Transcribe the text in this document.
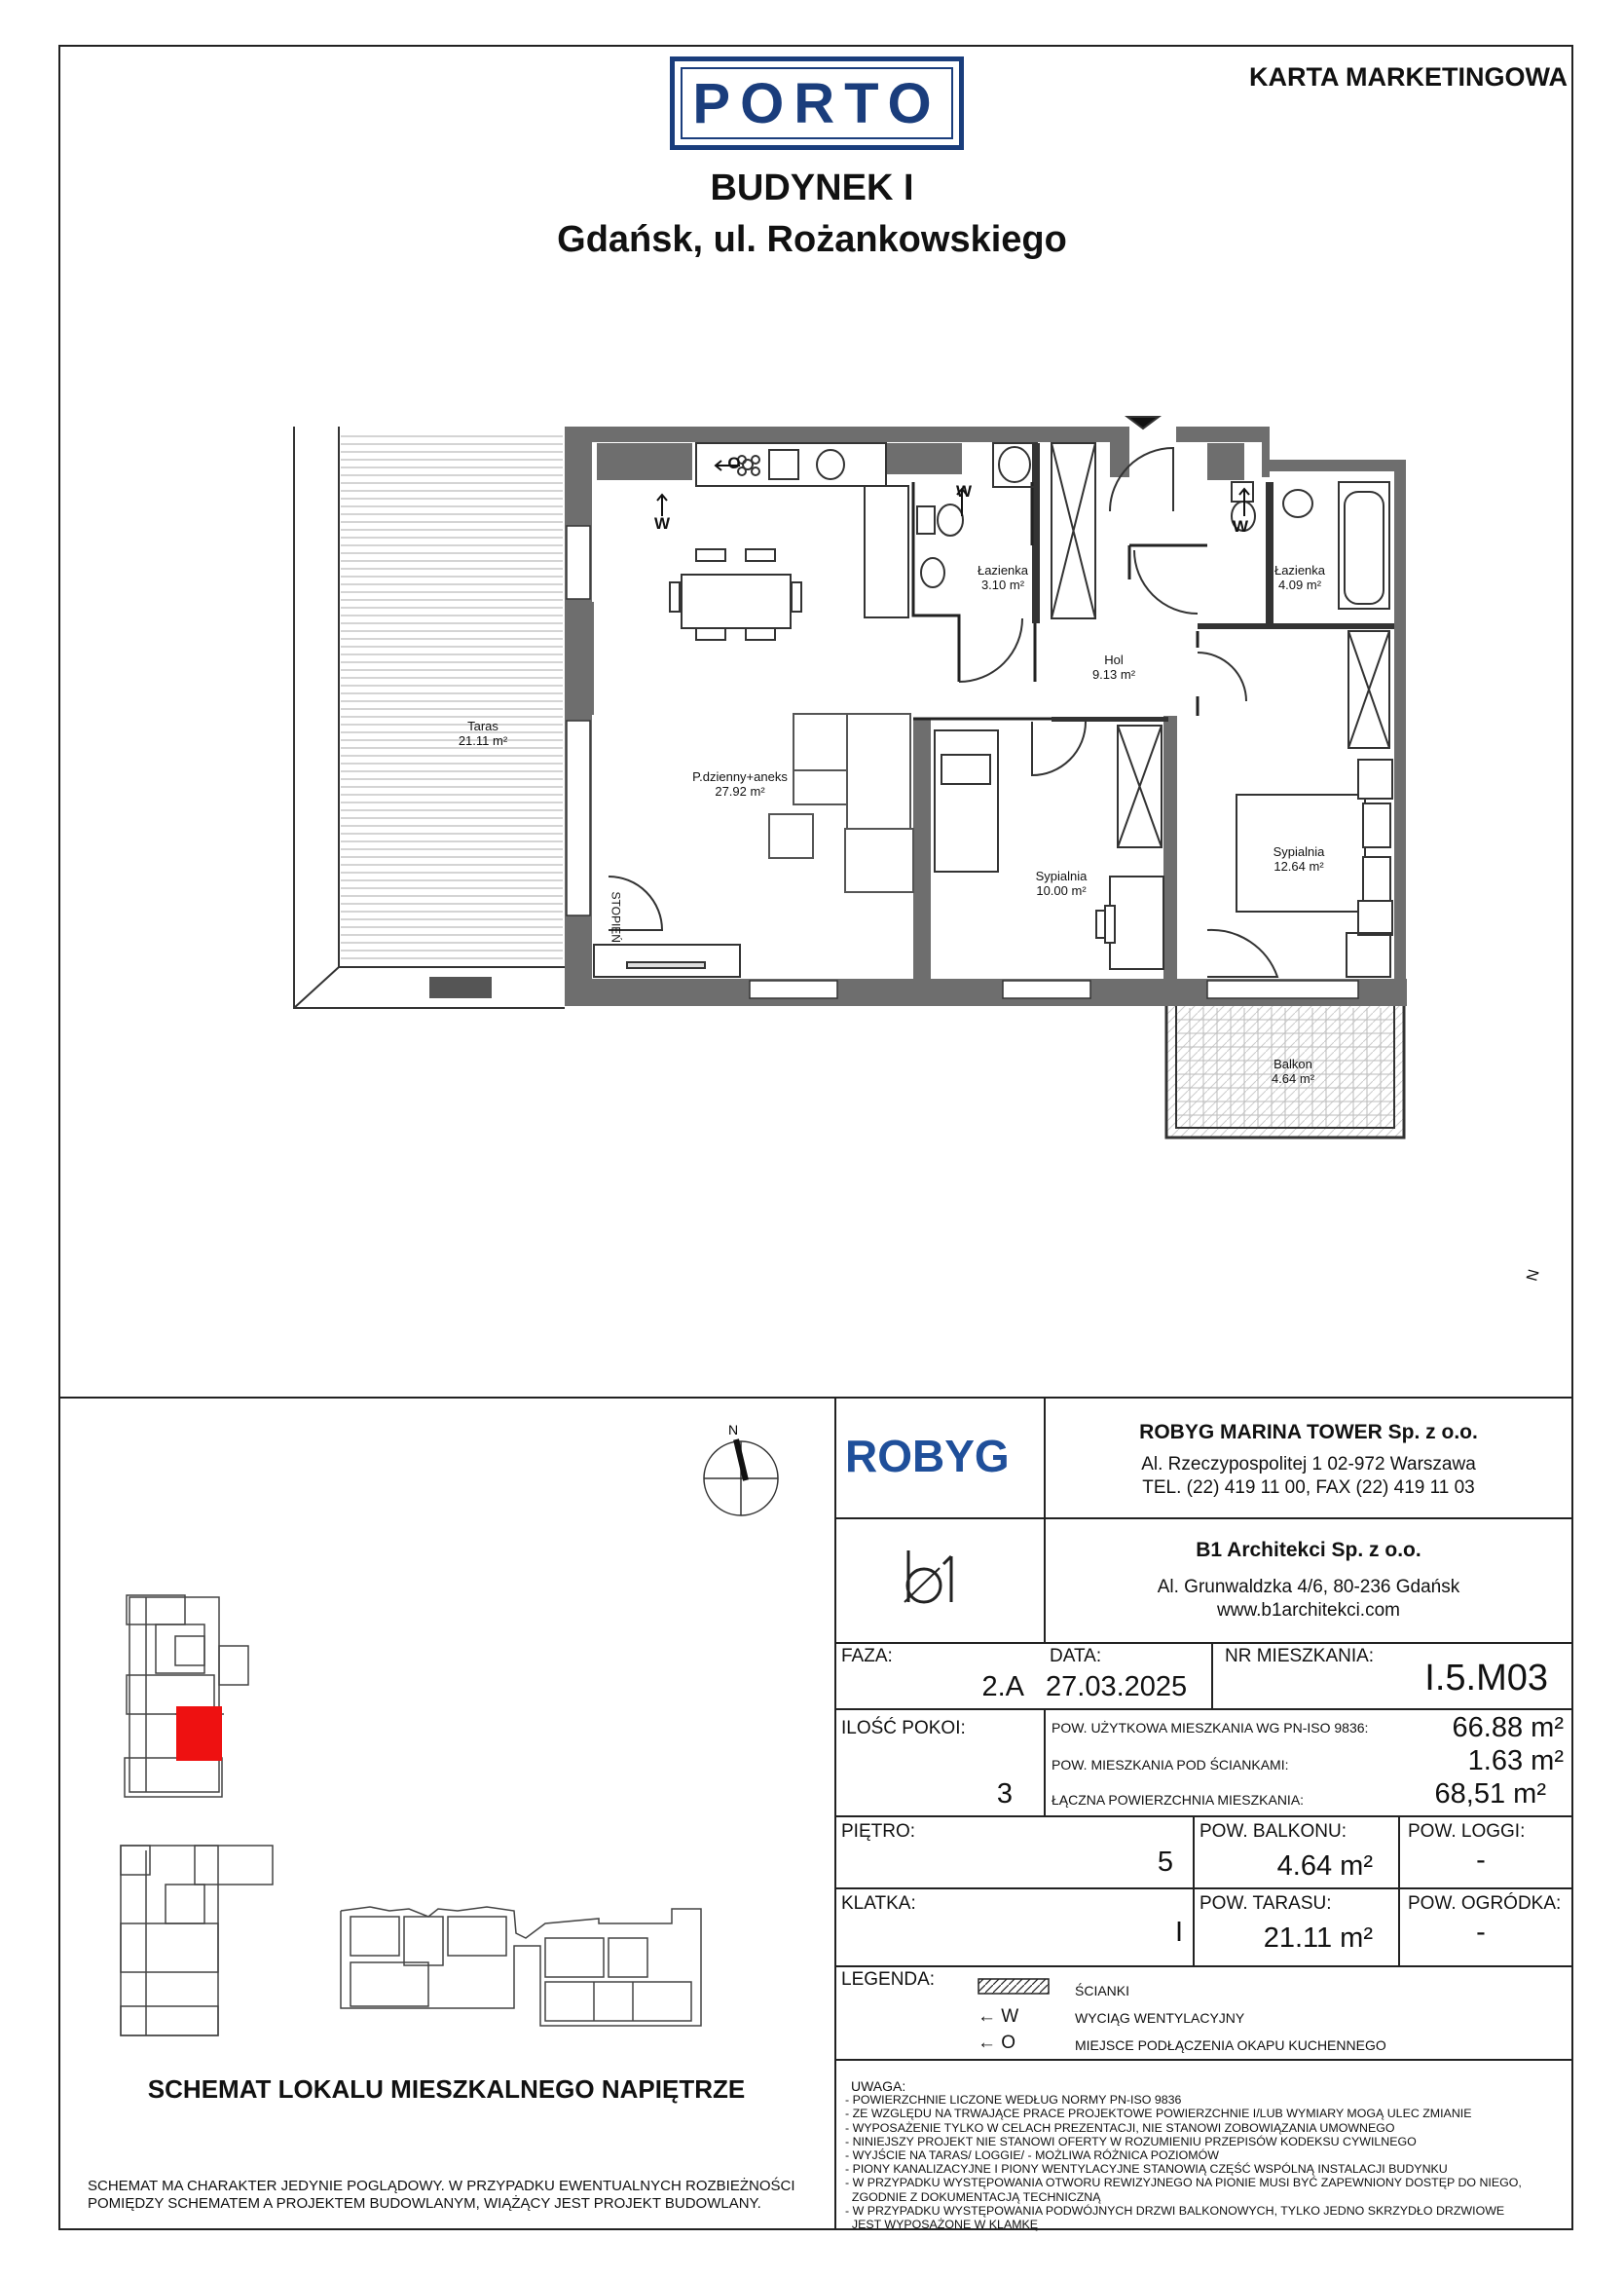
PORTO	KARTA MARKETINGOWA
BUDYNEK I
Gdańsk, ul. Rożankowskiego
Taras
21.11 m²
P.dzienny+aneks
27.92 m²
Łazienka
3.10 m²
Łazienka
4.09 m²
Hol
9.13 m²
Sypialnia
10.00 m²
Sypialnia
12.64 m²
Balkon
4.64 m²
STOPIEŃ
W
W
W
O
N
ROBYG	ROBYG MARINA TOWER Sp. z o.o.
Al. Rzeczypospolitej 1 02-972 Warszawa
TEL. (22) 419 11 00, FAX (22) 419 11 03
B1 Architekci Sp. z o.o.
Al. Grunwaldzka 4/6, 80-236 Gdańsk
www.b1architekci.com
FAZA:
2.A
DATA:
27.03.2025
NR MIESZKANIA:
I.5.M03
ILOŚĆ POKOI:
3
POW. UŻYTKOWA MIESZKANIA WG PN-ISO 9836:	66.88 m²
POW. MIESZKANIA POD ŚCIANKAMI:	1.63 m²
ŁĄCZNA POWIERZCHNIA MIESZKANIA:	68,51 m²
PIĘTRO:
5
POW. BALKONU:
4.64 m²
POW. LOGGI:
-
KLATKA:
I
POW. TARASU:
21.11 m²
POW. OGRÓDKA:
-
LEGENDA:
ŚCIANKI
← W	WYCIĄG WENTYLACYJNY
← O	MIEJSCE PODŁĄCZENIA OKAPU KUCHENNEGO
UWAGA:
- POWIERZCHNIE LICZONE WEDŁUG NORMY PN-ISO 9836
- ZE WZGLĘDU NA TRWAJĄCE PRACE PROJEKTOWE POWIERZCHNIE I/LUB WYMIARY MOGĄ ULEC ZMIANIE
- WYPOSAŻENIE TYLKO W CELACH PREZENTACJI, NIE STANOWI ZOBOWIĄZANIA UMOWNEGO
- NINIEJSZY PROJEKT NIE STANOWI OFERTY W ROZUMIENIU PRZEPISÓW KODEKSU CYWILNEGO
- WYJŚCIE NA TARAS/ LOGGIE/ - MOŻLIWA RÓŻNICA POZIOMÓW
- PIONY KANALIZACYJNE I PIONY WENTYLACYJNE STANOWIĄ CZĘŚĆ WSPÓLNĄ INSTALACJI BUDYNKU
- W PRZYPADKU WYSTĘPOWANIA OTWORU REWIZYJNEGO NA PIONIE MUSI BYĆ ZAPEWNIONY DOSTĘP DO NIEGO,
ZGODNIE Z DOKUMENTACJĄ TECHNICZNĄ
- W PRZYPADKU WYSTĘPOWANIA PODWÓJNYCH DRZWI BALKONOWYCH, TYLKO JEDNO SKRZYDŁO DRZWIOWE
JEST WYPOSAŻONE W KLAMKĘ
N
SCHEMAT LOKALU MIESZKALNEGO NAPIĘTRZE
SCHEMAT MA CHARAKTER JEDYNIE POGLĄDOWY. W PRZYPADKU EWENTUALNYCH ROZBIEŻNOŚCI POMIĘDZY SCHEMATEM A PROJEKTEM BUDOWLANYM, WIĄŻĄCY JEST PROJEKT BUDOWLANY.
